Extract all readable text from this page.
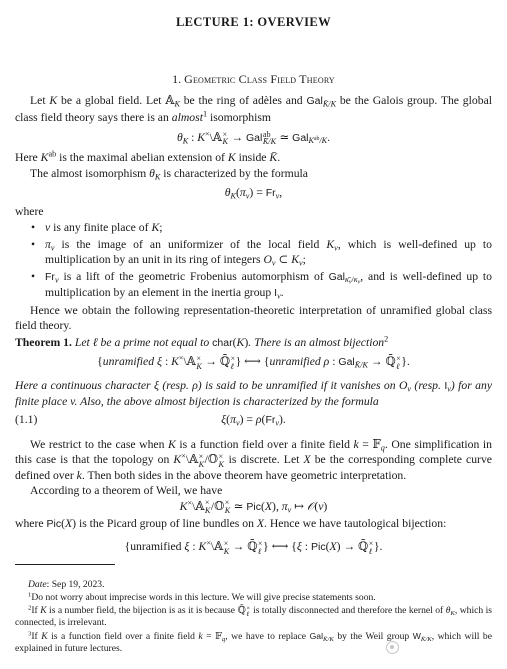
LECTURE 1: OVERVIEW
1. Geometric Class Field Theory

Let K be a global field. Let 𝔸$_K$ be the ring of adèles and Gal$_{K̄/K}$ be the Galois group. The global class field theory says there is an almost$^1$ isomorphism

$\theta_K$ : K×\𝔸 ×
K → Gal ab
K̄/K ≃ Gal$_{K^{ab}/K}$.

Here $K^{ab}$ is the maximal abelian extension of K inside K̄.

The almost isomorphism $\theta_K$ is characterized by the formula

$\theta_K(\pi_v) = Fr_v$,

where

•
v is any finite place of K;
•
$\pi_v$ is the image of an uniformizer of the local field $K_v$, which is well-defined up to multiplication by an unit in its ring of integers $O_v$ ⊂ $K_v$;
•
$Fr_v$ is a lift of the geometric Frobenius automorphism of Gal$_{\kappā_v/\kappa_v}$, and is well-defined up to multiplication by an element in the inertia group $I_v$.

Hence we obtain the following representation-theoretic interpretation of unramified global class field theory.

Theorem 1. Let ℓ be a prime not equal to char(K). There is an almost bijection$^2$

{unramified ξ : K×\𝔸 ×
K → ℚ̄ ×
ℓ } ⟷ {unramified ρ : Gal$_{K̄/K}$ → ℚ̄ ×
ℓ }.

Here a continuous character ξ (resp. ρ) is said to be unramified if it vanishes on $O_v$ (resp. $I_v$) for any finite place v. Also, the above almost bijection is characterized by the formula

(1.1)	$\xi(\pi_v) = \rho(Fr_v)$.

We restrict to the case when K is a function field over a finite field k = 𝔽$_q$. One simplification in this case is that the topology on K×\𝔸 ×
K /𝕆 ×
K is discrete. Let X be the corresponding complete curve defined over k. Then both sides in the above theorem have geometric interpretation.

According to a theorem of Weil, we have

K×\𝔸 ×
K /𝕆 ×
K ≃ Pic(X), $\pi_v$ ↦ 𝒪(v)

where Pic(X) is the Picard group of line bundles on X. Hence we have tautological bijection:

{unramified ξ : K×\𝔸 ×
K → ℚ̄ ×
ℓ } ⟷ {ξ : Pic(X) → ℚ̄ ×
ℓ }.

Date: Sep 19, 2023.

$^1$Do not worry about imprecise words in this lecture. We will give precise statements soon.

$^2$If K is a number field, the bijection is as it is because ℚ̄ ×
ℓ is totally disconnected and therefore the kernel of $\theta_K$, which is connected, is irrelevant.

$^3$If K is a function field over a finite field k = 𝔽$_q$, we have to replace Gal$_{K̄/K}$ by the Weil group $W_{K̄/K}$, which will be explained in future lectures.
